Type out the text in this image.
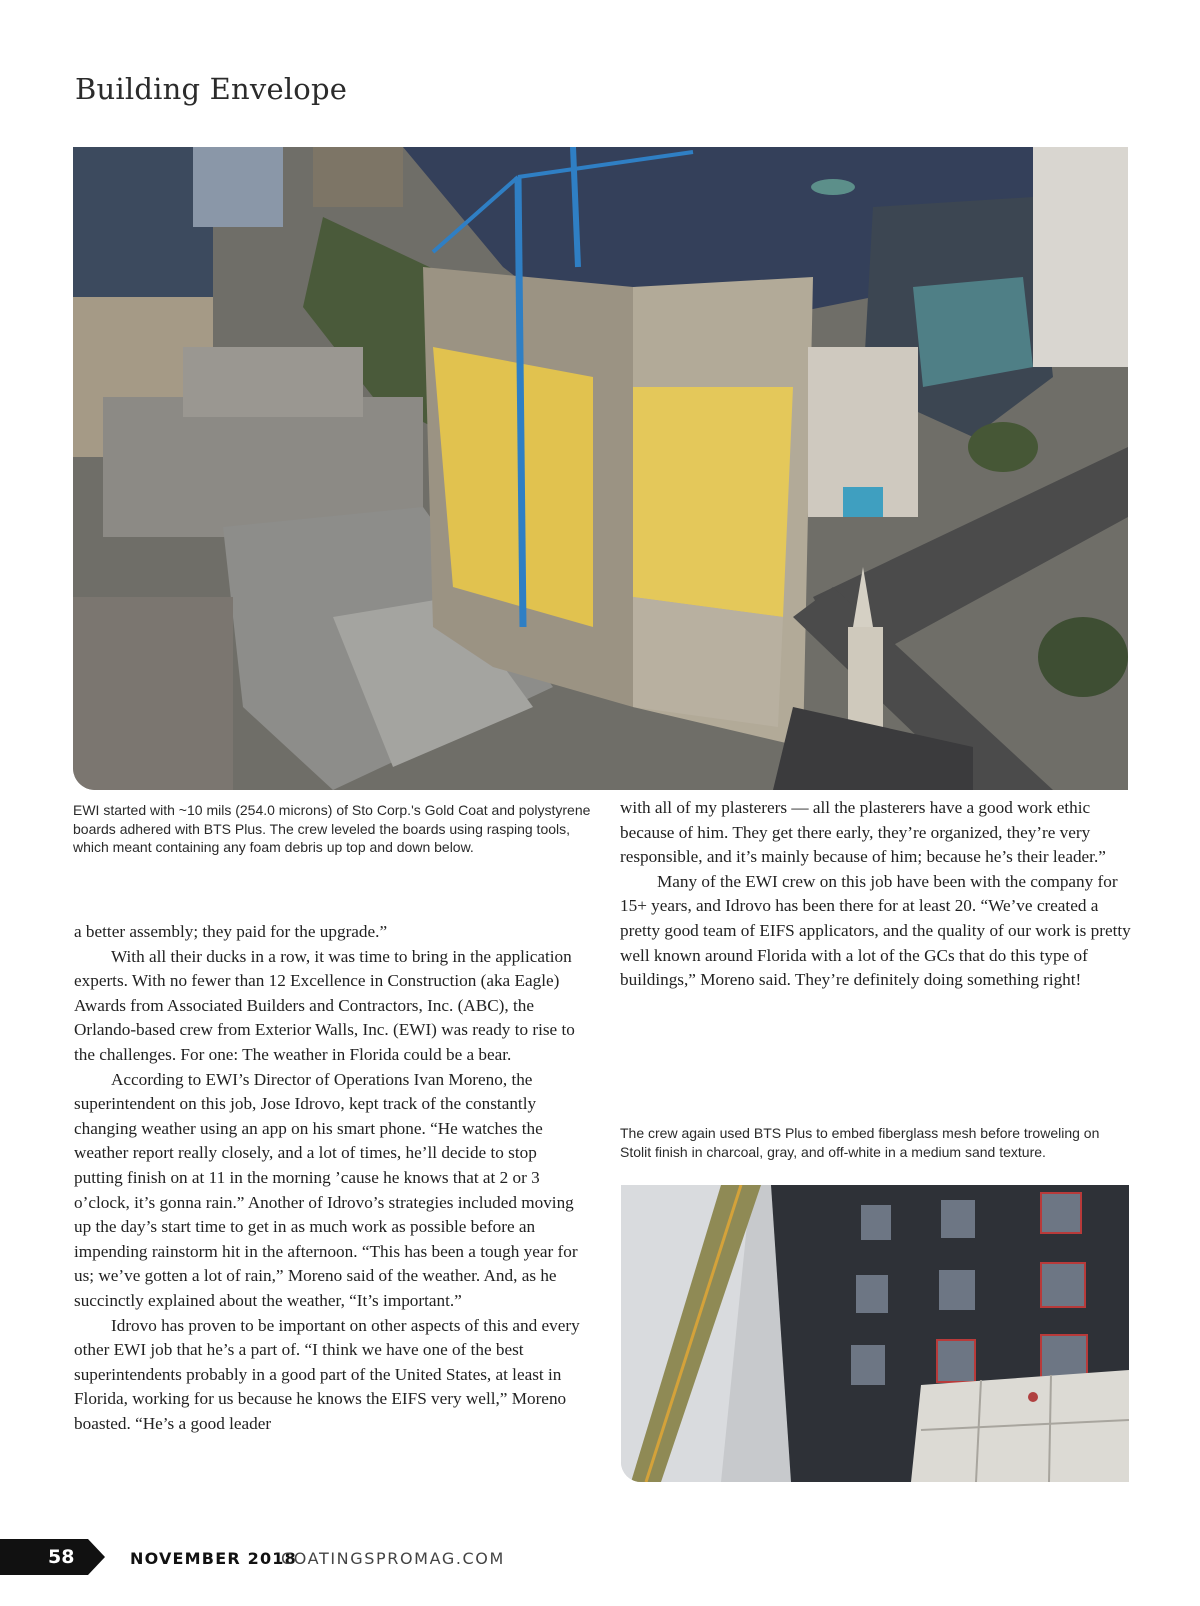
Building Envelope

EWI started with ~10 mils (254.0 microns) of Sto Corp.'s Gold Coat and polystyrene boards adhered with BTS Plus. The crew leveled the boards using rasping tools, which meant containing any foam debris up top and down below.

a better assembly; they paid for the upgrade.”

With all their ducks in a row, it was time to bring in the application experts. With no fewer than 12 Excellence in Construction (aka Eagle) Awards from Associated Builders and Contractors, Inc. (ABC), the Orlando-based crew from Exterior Walls, Inc. (EWI) was ready to rise to the challenges. For one: The weather in Florida could be a bear.

According to EWI’s Director of Operations Ivan Moreno, the superintendent on this job, Jose Idrovo, kept track of the constantly changing weather using an app on his smart phone. “He watches the weather report really closely, and a lot of times, he’ll decide to stop putting finish on at 11 in the morning ’cause he knows that at 2 or 3 o’clock, it’s gonna rain.” Another of Idrovo’s strategies included moving up the day’s start time to get in as much work as possible before an impending rainstorm hit in the afternoon. “This has been a tough year for us; we’ve gotten a lot of rain,” Moreno said of the weather. And, as he succinctly explained about the weather, “It’s important.”

Idrovo has proven to be important on other aspects of this and every other EWI job that he’s a part of. “I think we have one of the best superintendents probably in a good part of the United States, at least in Florida, working for us because he knows the EIFS very well,” Moreno boasted. “He’s a good leader

with all of my plasterers — all the plasterers have a good work ethic because of him. They get there early, they’re organized, they’re very responsible, and it’s mainly because of him; because he’s their leader.”

Many of the EWI crew on this job have been with the company for 15+ years, and Idrovo has been there for at least 20. “We’ve created a pretty good team of EIFS applicators, and the quality of our work is pretty well known around Florida with a lot of the GCs that do this type of buildings,” Moreno said. They’re definitely doing something right!

The crew again used BTS Plus to embed fiberglass mesh before troweling on Stolit finish in charcoal, gray, and off-white in a medium sand texture.

58	NOVEMBER 2018
COATINGSPROMAG.COM
